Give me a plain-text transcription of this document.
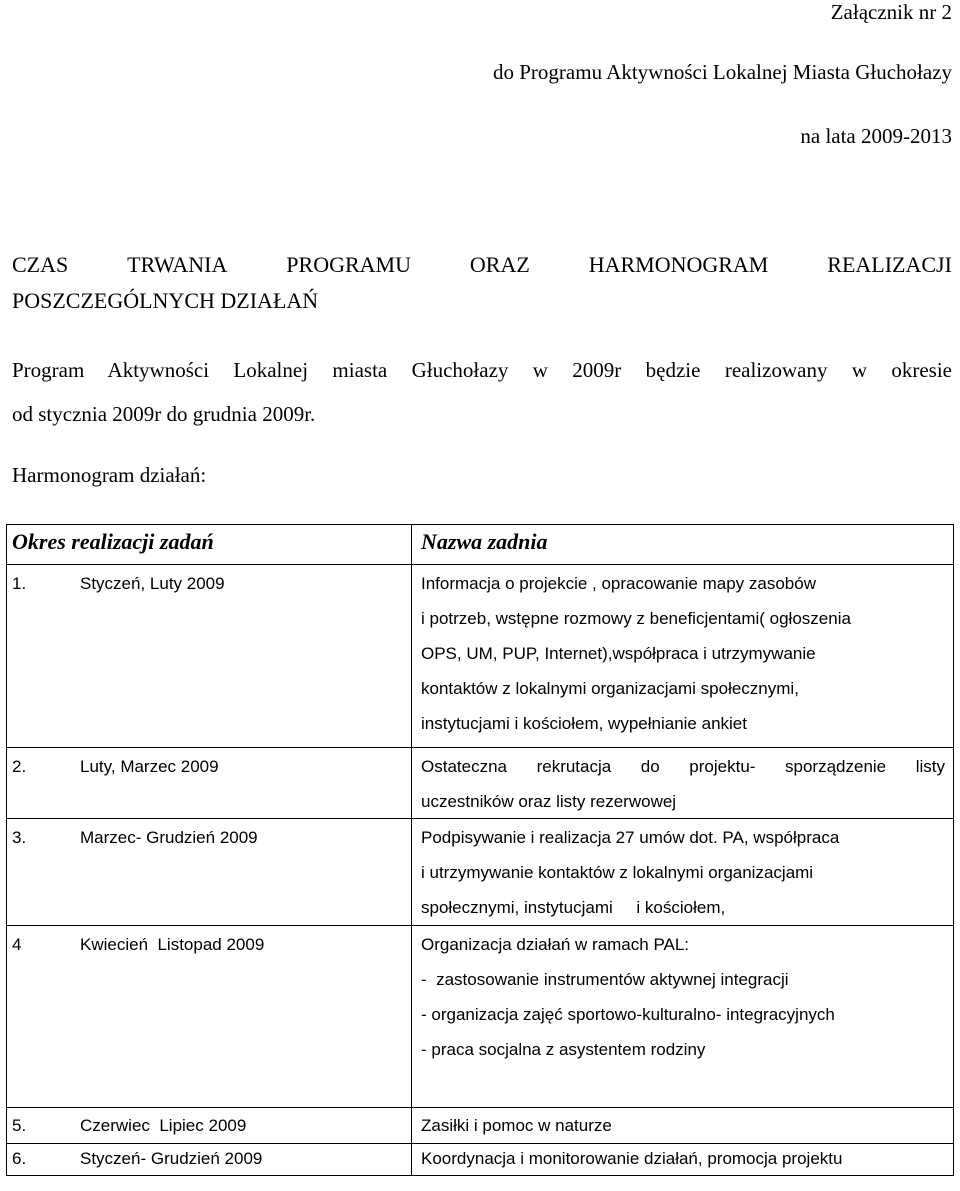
Załącznik nr 2
do Programu Aktywności Lokalnej Miasta Głuchołazy
na lata 2009-2013
CZAS	TRWANIA	PROGRAMU	ORAZ	HARMONOGRAM	REALIZACJI
POSZCZEGÓLNYCH DZIAŁAŃ
Program Aktywności Lokalnej miasta Głuchołazy w 2009r będzie realizowany w okresie
od stycznia 2009r do grudnia 2009r.
Harmonogram działań:
Okres realizacji zadań	Nazwa zadnia
1.	Styczeń, Luty 2009	Informacja o projekcie , opracowanie mapy zasobów
i potrzeb, wstępne rozmowy z beneficjentami( ogłoszenia
OPS, UM, PUP, Internet),współpraca i utrzymywanie
kontaktów z lokalnymi organizacjami społecznymi,
instytucjami i kościołem, wypełnianie ankiet
2.	Luty, Marzec 2009	Ostateczna rekrutacja do projektu- sporządzenie listy
uczestników oraz listy rezerwowej
3.	Marzec- Grudzień 2009	Podpisywanie i realizacja 27 umów dot. PA, współpraca
i utrzymywanie kontaktów z lokalnymi organizacjami
społecznymi, instytucjami     i kościołem,
4	Kwiecień  Listopad 2009	Organizacja działań w ramach PAL:
-  zastosowanie instrumentów aktywnej integracji
- organizacja zajęć sportowo-kulturalno- integracyjnych
- praca socjalna z asystentem rodziny
5.	Czerwiec  Lipiec 2009	Zasiłki i pomoc w naturze
6.	Styczeń- Grudzień 2009	Koordynacja i monitorowanie działań, promocja projektu
